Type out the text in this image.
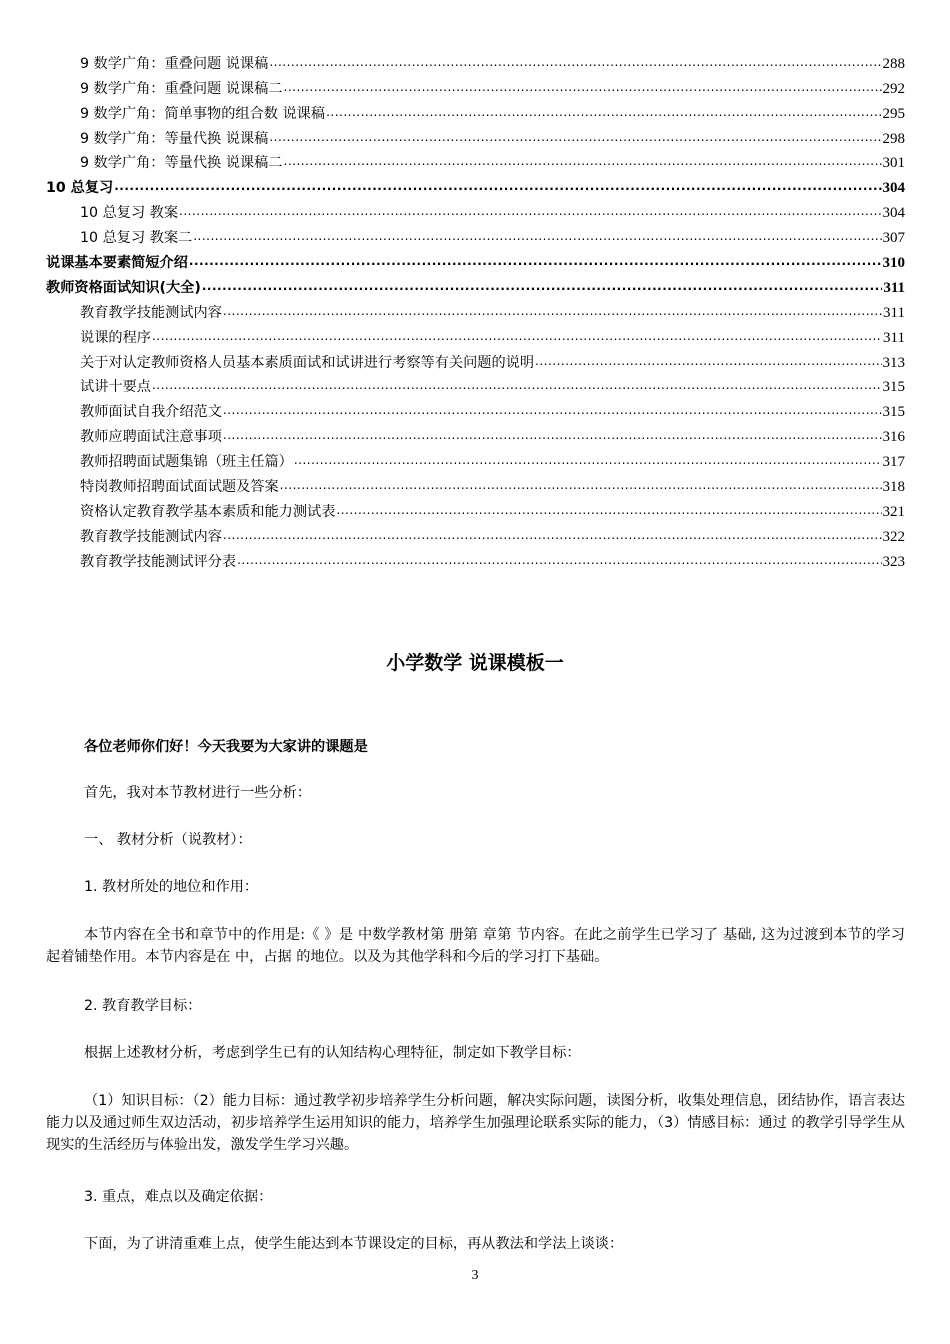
9 数学广角：重叠问题 说课稿 .....	288
9 数学广角：重叠问题 说课稿二 .....	292
9 数学广角：简单事物的组合数 说课稿 .....	295
9 数学广角：等量代换 说课稿 .....	298
9 数学广角：等量代换 说课稿二 .....	301
10 总复习 .....	304
10 总复习 教案 .....	304
10 总复习 教案二 .....	307
说课基本要素简短介绍 .....	310
教师资格面试知识(大全) .....	311
教育教学技能测试内容 .....	311
说课的程序 .....	311
关于对认定教师资格人员基本素质面试和试讲进行考察等有关问题的说明 .....	313
试讲十要点 .....	315
教师面试自我介绍范文 .....	315
教师应聘面试注意事项 .....	316
教师招聘面试题集锦（班主任篇） .....	317
特岗教师招聘面试面试题及答案 .....	318
资格认定教育教学基本素质和能力测试表 .....	321
教育教学技能测试内容 .....	322
教育教学技能测试评分表 .....	323
小学数学 说课模板一
各位老师你们好！今天我要为大家讲的课题是
首先，我对本节教材进行一些分析：
一、 教材分析（说教材）：
1. 教材所处的地位和作用：
本节内容在全书和章节中的作用是:《 》是 中数学教材第 册第 章第 节内容。在此之前学生已学习了 基础, 这为过渡到本节的学习起着铺垫作用。本节内容是在 中，占据 的地位。以及为其他学科和今后的学习打下基础。
2. 教育教学目标：
根据上述教材分析，考虑到学生已有的认知结构心理特征，制定如下教学目标：
（1）知识目标：（2）能力目标：通过教学初步培养学生分析问题，解决实际问题，读图分析，收集处理信息，团结协作，语言表达能力以及通过师生双边活动，初步培养学生运用知识的能力，培养学生加强理论联系实际的能力，（3）情感目标：通过 的教学引导学生从现实的生活经历与体验出发，激发学生学习兴趣。
3. 重点，难点以及确定依据：
下面，为了讲清重难上点，使学生能达到本节课设定的目标，再从教法和学法上谈谈：
3
